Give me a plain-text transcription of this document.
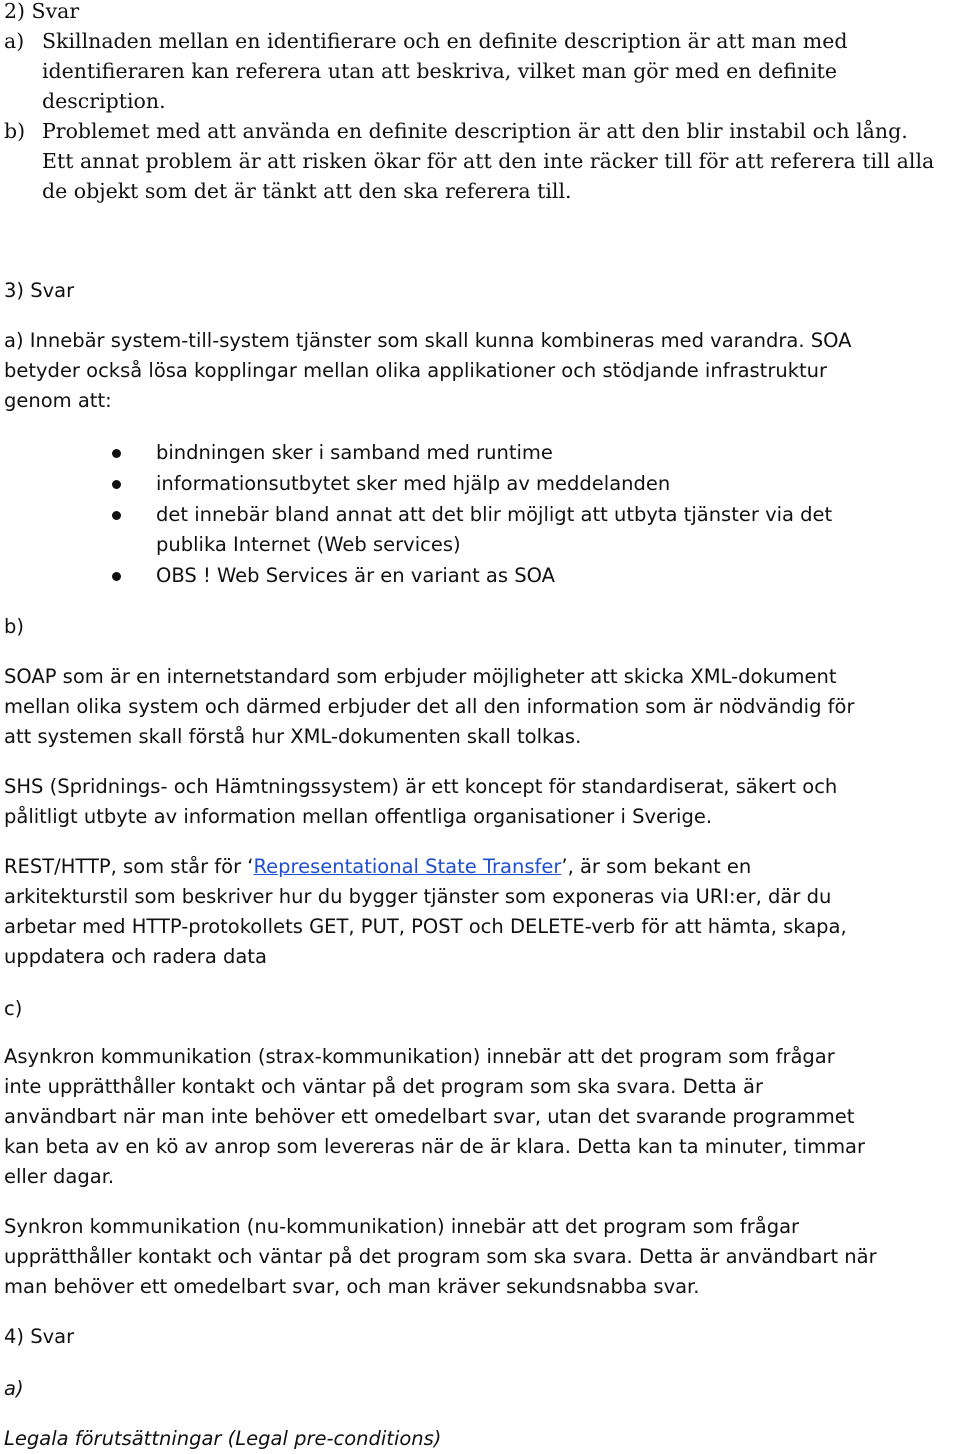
2) Svar
a) Skillnaden mellan en identifierare och en definite description är att man med
identifieraren kan referera utan att beskriva, vilket man gör med en definite
description.
b) Problemet med att använda en definite description är att den blir instabil och lång.
Ett annat problem är att risken ökar för att den inte räcker till för att referera till alla
de objekt som det är tänkt att den ska referera till.
3) Svar
a) Innebär system-till-system tjänster som skall kunna kombineras med varandra. SOA
betyder också lösa kopplingar mellan olika applikationer och stödjande infrastruktur
genom att:
bindningen sker i samband med runtime
informationsutbytet sker med hjälp av meddelanden
det innebär bland annat att det blir möjligt att utbyta tjänster via det
publika Internet (Web services)
OBS ! Web Services är en variant as SOA
b)
SOAP som är en internetstandard som erbjuder möjligheter att skicka XML-dokument
mellan olika system och därmed erbjuder det all den information som är nödvändig för
att systemen skall förstå hur XML-dokumenten skall tolkas.
SHS (Spridnings- och Hämtningssystem) är ett koncept för standardiserat, säkert och
pålitligt utbyte av information mellan offentliga organisationer i Sverige.
REST/HTTP, som står för ‘Representational State Transfer’, är som bekant en
arkitekturstil som beskriver hur du bygger tjänster som exponeras via URI:er, där du
arbetar med HTTP-protokollets GET, PUT, POST och DELETE-verb för att hämta, skapa,
uppdatera och radera data
c)
Asynkron kommunikation (strax-kommunikation) innebär att det program som frågar
inte upprätthåller kontakt och väntar på det program som ska svara. Detta är
användbart när man inte behöver ett omedelbart svar, utan det svarande programmet
kan beta av en kö av anrop som levereras när de är klara. Detta kan ta minuter, timmar
eller dagar.
Synkron kommunikation (nu-kommunikation) innebär att det program som frågar
upprätthåller kontakt och väntar på det program som ska svara. Detta är användbart när
man behöver ett omedelbart svar, och man kräver sekundsnabba svar.
4) Svar
a)
Legala förutsättningar (Legal pre-conditions)
